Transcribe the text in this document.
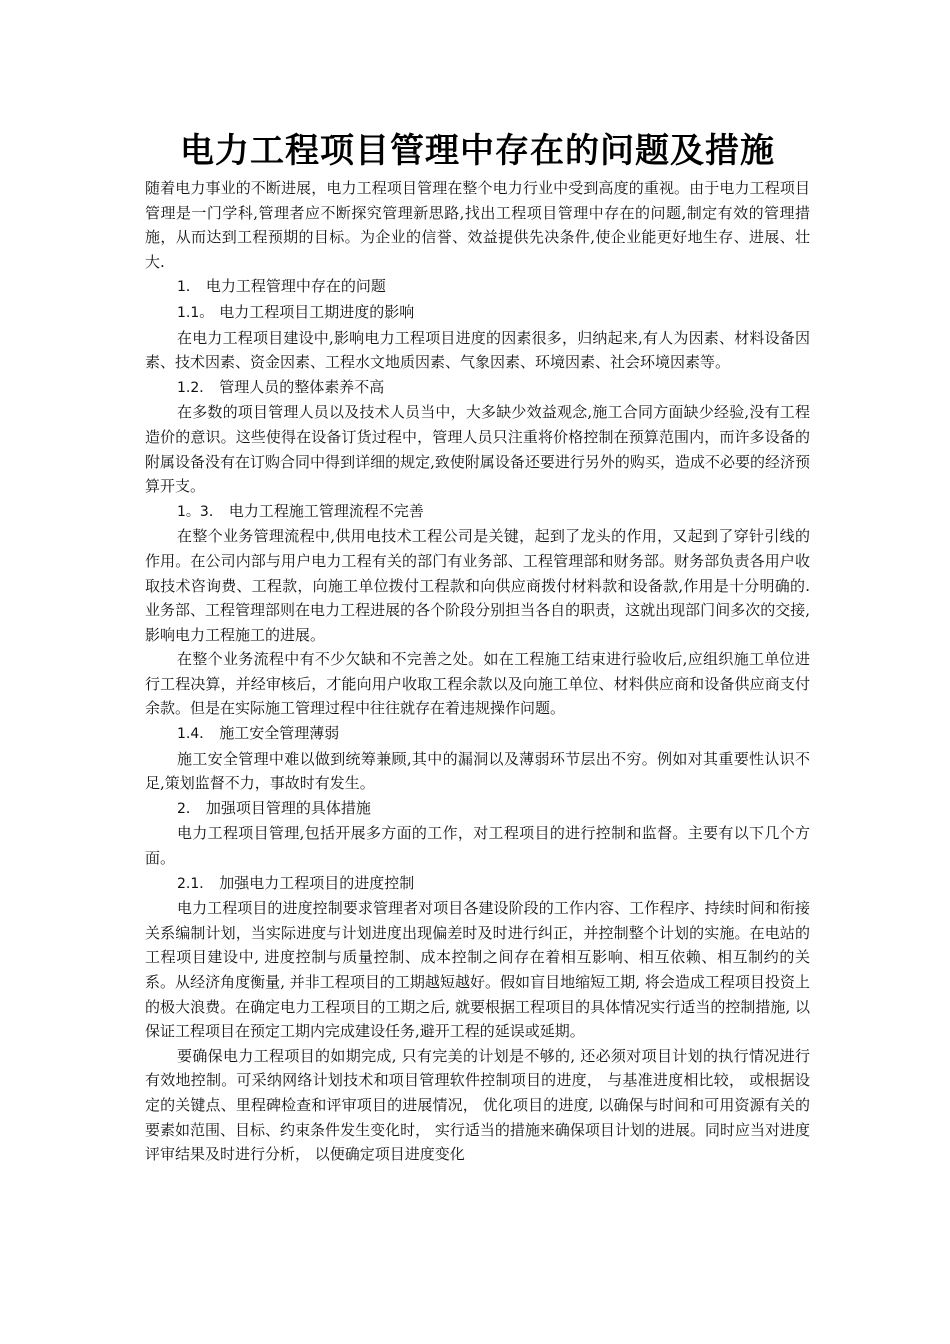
电力工程项目管理中存在的问题及措施

随着电力事业的不断进展，电力工程项目管理在整个电力行业中受到高度的重视。由于电力工程项目管理是一门学科,管理者应不断探究管理新思路,找出工程项目管理中存在的问题,制定有效的管理措施，从而达到工程预期的目标。为企业的信誉、效益提供先决条件,使企业能更好地生存、进展、壮大.

1． 电力工程管理中存在的问题

1.1。 电力工程项目工期进度的影响

在电力工程项目建设中,影响电力工程项目进度的因素很多，归纳起来,有人为因素、材料设备因素、技术因素、资金因素、工程水文地质因素、气象因素、环境因素、社会环境因素等。

1.2． 管理人员的整体素养不高

在多数的项目管理人员以及技术人员当中，大多缺少效益观念,施工合同方面缺少经验,没有工程造价的意识。这些使得在设备订货过程中，管理人员只注重将价格控制在预算范围内，而许多设备的附属设备没有在订购合同中得到详细的规定,致使附属设备还要进行另外的购买，造成不必要的经济预算开支。

1。3． 电力工程施工管理流程不完善

在整个业务管理流程中,供用电技术工程公司是关键，起到了龙头的作用，又起到了穿针引线的作用。在公司内部与用户电力工程有关的部门有业务部、工程管理部和财务部。财务部负责各用户收取技术咨询费、工程款，向施工单位拨付工程款和向供应商拨付材料款和设备款,作用是十分明确的.业务部、工程管理部则在电力工程进展的各个阶段分别担当各自的职责，这就出现部门间多次的交接,影响电力工程施工的进展。

在整个业务流程中有不少欠缺和不完善之处。如在工程施工结束进行验收后,应组织施工单位进行工程决算，并经审核后，才能向用户收取工程余款以及向施工单位、材料供应商和设备供应商支付余款。但是在实际施工管理过程中往往就存在着违规操作问题。

1.4． 施工安全管理薄弱

施工安全管理中难以做到统筹兼顾,其中的漏洞以及薄弱环节层出不穷。例如对其重要性认识不足,策划监督不力，事故时有发生。

2． 加强项目管理的具体措施

电力工程项目管理,包括开展多方面的工作，对工程项目的进行控制和监督。主要有以下几个方面。

2.1． 加强电力工程项目的进度控制

电力工程项目的进度控制要求管理者对项目各建设阶段的工作内容、工作程序、持续时间和衔接关系编制计划，当实际进度与计划进度出现偏差时及时进行纠正，并控制整个计划的实施。在电站的工程项目建设中, 进度控制与质量控制、成本控制之间存在着相互影响、相互依赖、相互制约的关系。从经济角度衡量, 并非工程项目的工期越短越好。假如盲目地缩短工期, 将会造成工程项目投资上的极大浪费。在确定电力工程项目的工期之后, 就要根据工程项目的具体情况实行适当的控制措施, 以保证工程项目在预定工期内完成建设任务,避开工程的延误或延期。

要确保电力工程项目的如期完成, 只有完美的计划是不够的, 还必须对项目计划的执行情况进行有效地控制。可采纳网络计划技术和项目管理软件控制项目的进度， 与基准进度相比较， 或根据设定的关键点、里程碑检查和评审项目的进展情况， 优化项目的进度, 以确保与时间和可用资源有关的要素如范围、目标、约束条件发生变化时， 实行适当的措施来确保项目计划的进展。同时应当对进度评审结果及时进行分析， 以便确定项目进度变化
